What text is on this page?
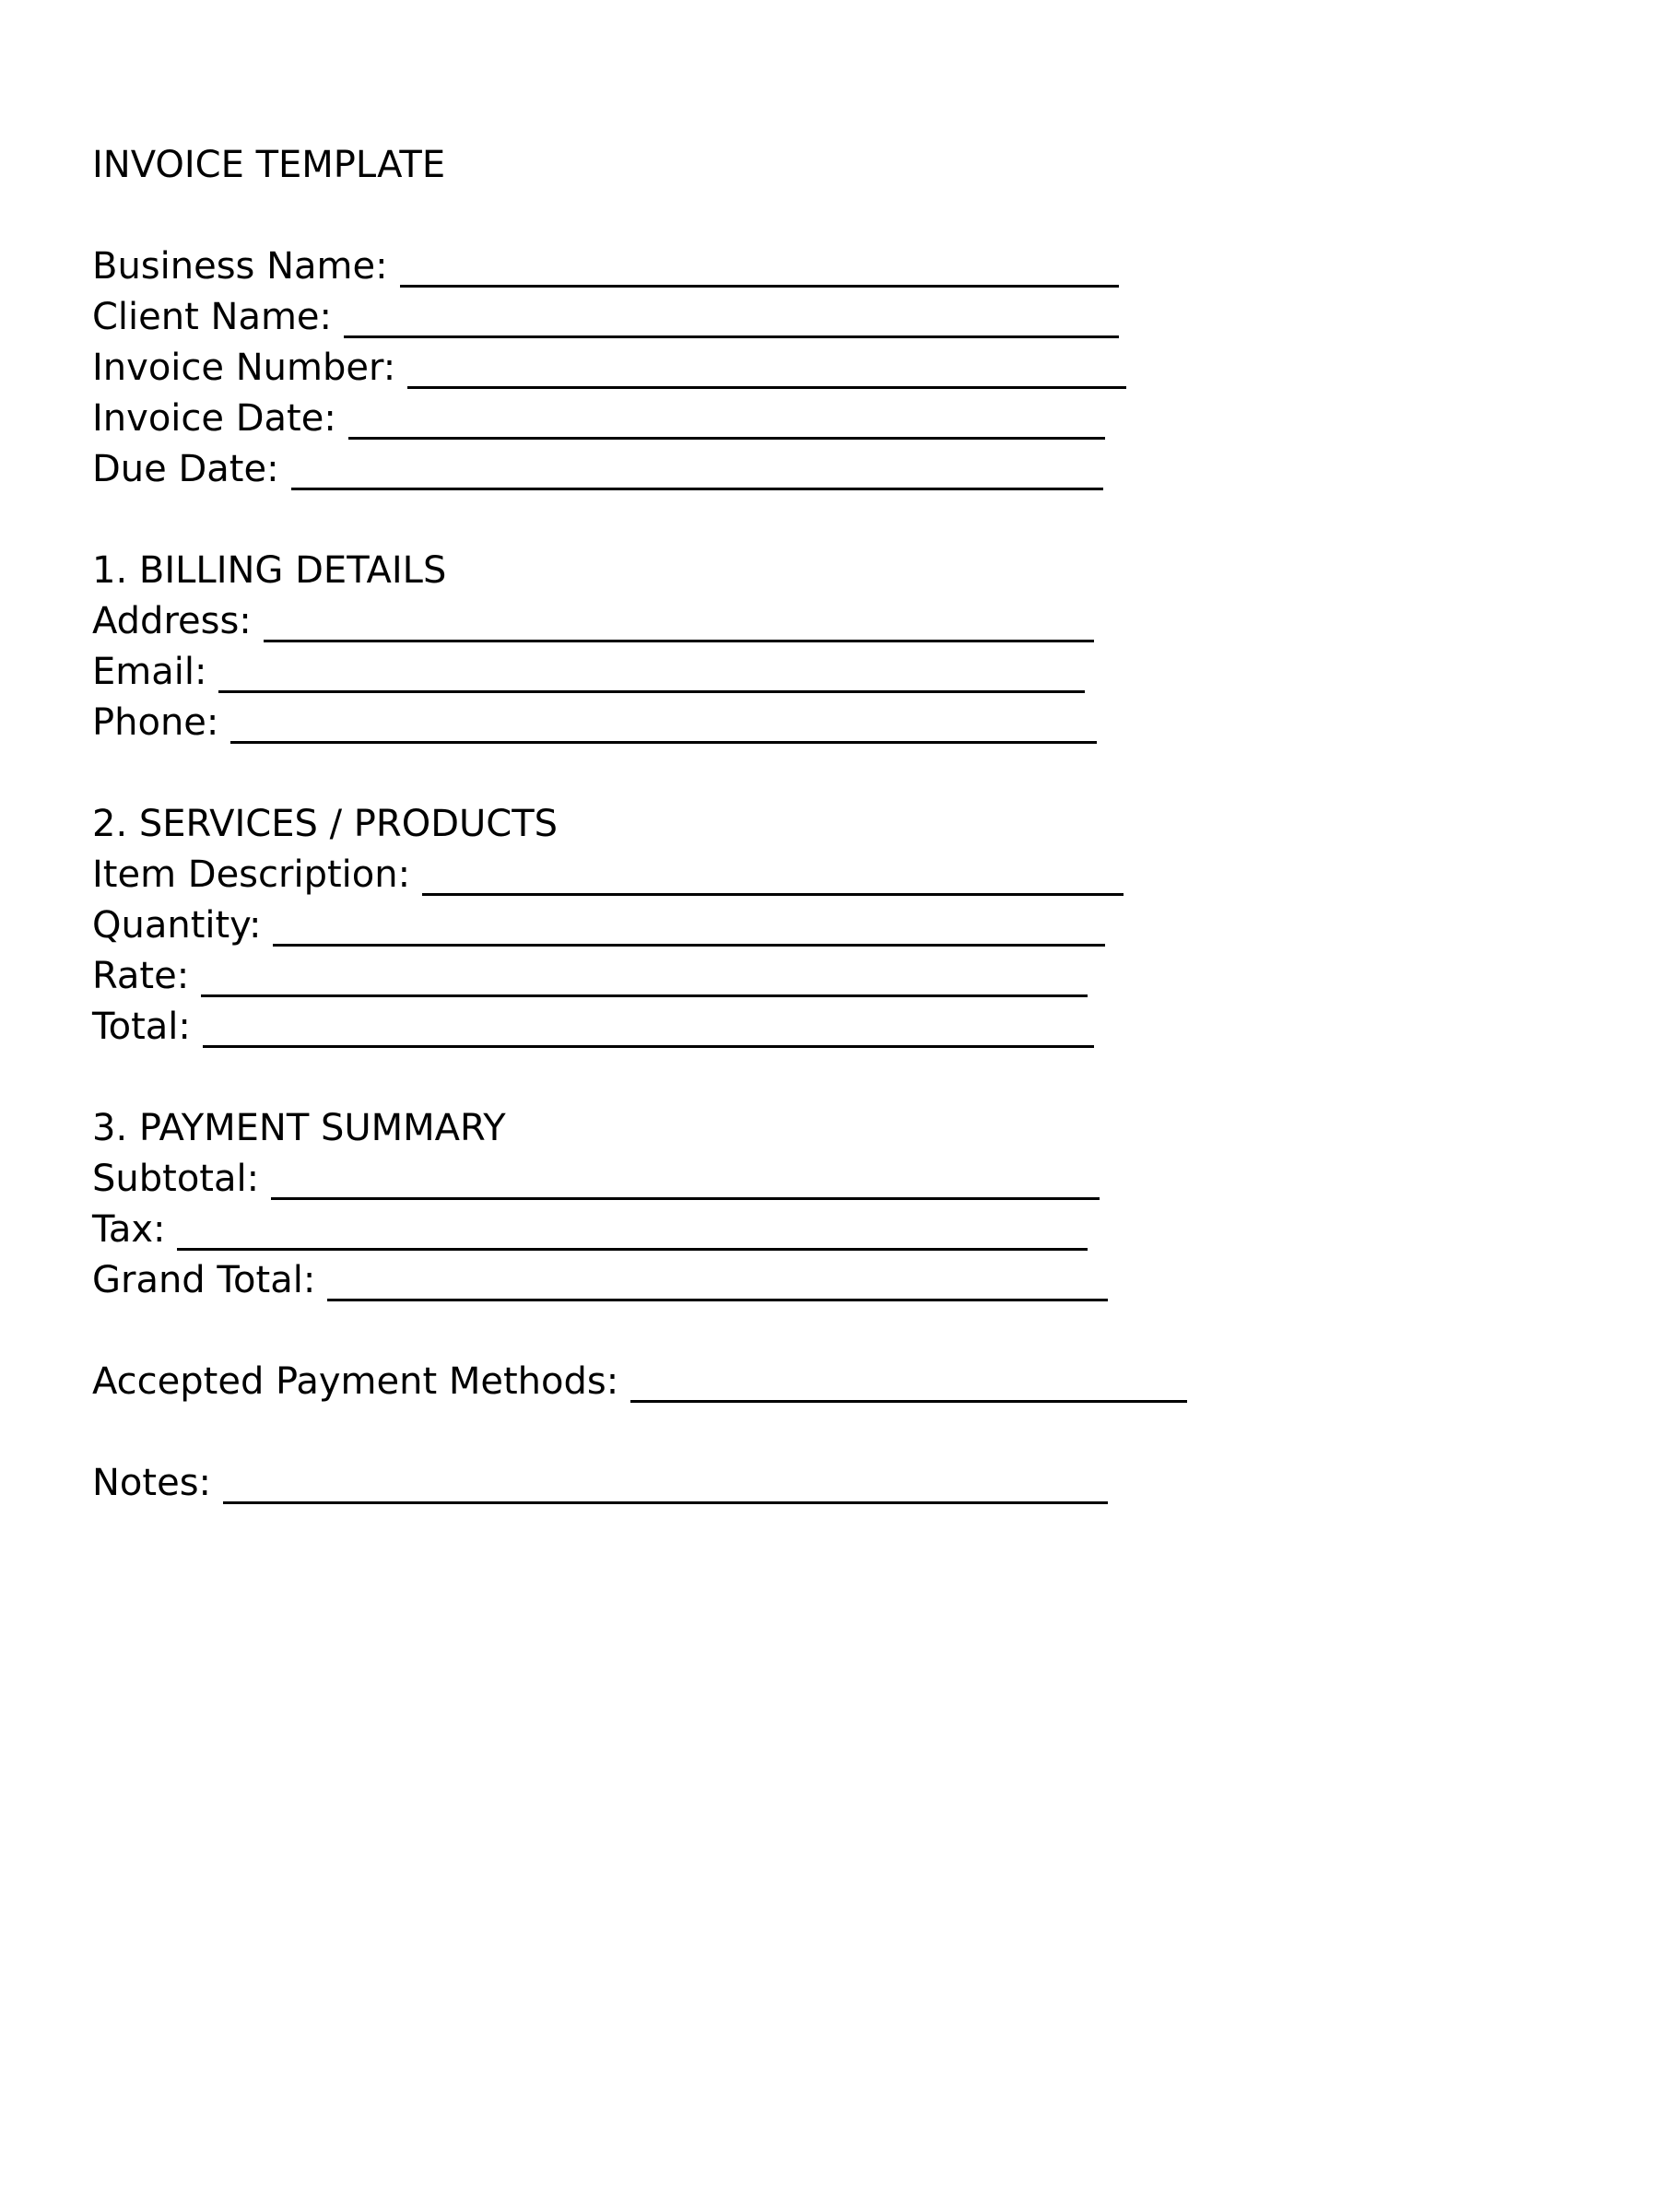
INVOICE TEMPLATE
Business Name:
Client Name:
Invoice Number:
Invoice Date:
Due Date:
1. BILLING DETAILS
Address:
Email:
Phone:
2. SERVICES / PRODUCTS
Item Description:
Quantity:
Rate:
Total:
3. PAYMENT SUMMARY
Subtotal:
Tax:
Grand Total:
Accepted Payment Methods:
Notes:
